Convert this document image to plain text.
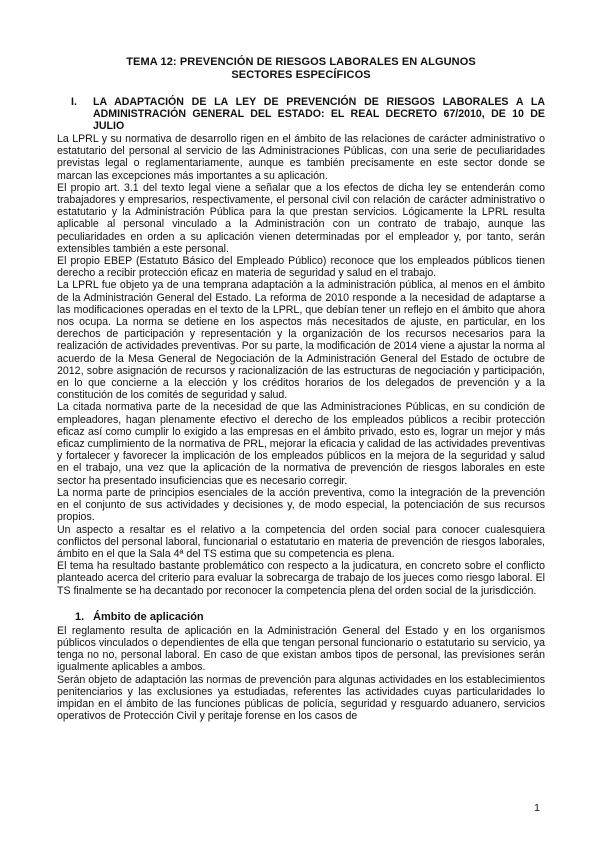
TEMA 12: PREVENCIÓN DE RIESGOS LABORALES EN ALGUNOS SECTORES ESPECÍFICOS
I.	LA ADAPTACIÓN DE LA LEY DE PREVENCIÓN DE RIESGOS LABORALES A LA ADMINISTRACIÓN GENERAL DEL ESTADO: EL REAL DECRETO 67/2010, DE 10 DE JULIO

La LPRL y su normativa de desarrollo rigen en el ámbito de las relaciones de carácter administrativo o estatutario del personal al servicio de las Administraciones Públicas, con una serie de peculiaridades previstas legal o reglamentariamente, aunque es también precisamente en este sector donde se marcan las excepciones más importantes a su aplicación.

El propio art. 3.1 del texto legal viene a señalar que a los efectos de dicha ley se entenderán como trabajadores y empresarios, respectivamente, el personal civil con relación de carácter administrativo o estatutario y la Administración Pública para la que prestan servicios. Lógicamente la LPRL resulta aplicable al personal vinculado a la Administración con un contrato de trabajo, aunque las peculiaridades en orden a su aplicación vienen determinadas por el empleador y, por tanto, serán extensibles también a este personal.

El propio EBEP (Estatuto Básico del Empleado Público) reconoce que los empleados públicos tienen derecho a recibir protección eficaz en materia de seguridad y salud en el trabajo.

La LPRL fue objeto ya de una temprana adaptación a la administración pública, al menos en el ámbito de la Administración General del Estado. La reforma de 2010 responde a la necesidad de adaptarse a las modificaciones operadas en el texto de la LPRL, que debían tener un reflejo en el ámbito que ahora nos ocupa. La norma se detiene en los aspectos más necesitados de ajuste, en particular, en los derechos de participación y representación y la organización de los recursos necesarios para la realización de actividades preventivas. Por su parte, la modificación de 2014 viene a ajustar la norma al acuerdo de la Mesa General de Negociación de la Administración General del Estado de octubre de 2012, sobre asignación de recursos y racionalización de las estructuras de negociación y participación, en lo que concierne a la elección y los créditos horarios de los delegados de prevención y a la constitución de los comités de seguridad y salud.

La citada normativa parte de la necesidad de que las Administraciones Públicas, en su condición de empleadores, hagan plenamente efectivo el derecho de los empleados públicos a recibir protección eficaz así como cumplir lo exigido a las empresas en el ámbito privado, esto es, lograr un mejor y más eficaz cumplimiento de la normativa de PRL, mejorar la eficacia y calidad de las actividades preventivas y fortalecer y favorecer la implicación de los empleados públicos en la mejora de la seguridad y salud en el trabajo, una vez que la aplicación de la normativa de prevención de riesgos laborales en este sector ha presentado insuficiencias que es necesario corregir.

La norma parte de principios esenciales de la acción preventiva, como la integración de la prevención en el conjunto de sus actividades y decisiones y, de modo especial, la potenciación de sus recursos propios.

Un aspecto a resaltar es el relativo a la competencia del orden social para conocer cualesquiera conflictos del personal laboral, funcionarial o estatutario en materia de prevención de riesgos laborales, ámbito en el que la Sala 4ª del TS estima que su competencia es plena.

El tema ha resultado bastante problemático con respecto a la judicatura, en concreto sobre el conflicto planteado acerca del criterio para evaluar la sobrecarga de trabajo de los jueces como riesgo laboral. El TS finalmente se ha decantado por reconocer la competencia plena del orden social de la jurisdicción.

1. Ámbito de aplicación

El reglamento resulta de aplicación en la Administración General del Estado y en los organismos públicos vinculados o dependientes de ella que tengan personal funcionario o estatutario su servicio, ya tenga no no, personal laboral. En caso de que existan ambos tipos de personal, las previsiones serán igualmente aplicables a ambos.

Serán objeto de adaptación las normas de prevención para algunas actividades en los establecimientos penitenciarios y las exclusiones ya estudiadas, referentes las actividades cuyas particularidades lo impidan en el ámbito de las funciones públicas de policía, seguridad y resguardo aduanero, servicios operativos de Protección Civil y peritaje forense en los casos de

1
